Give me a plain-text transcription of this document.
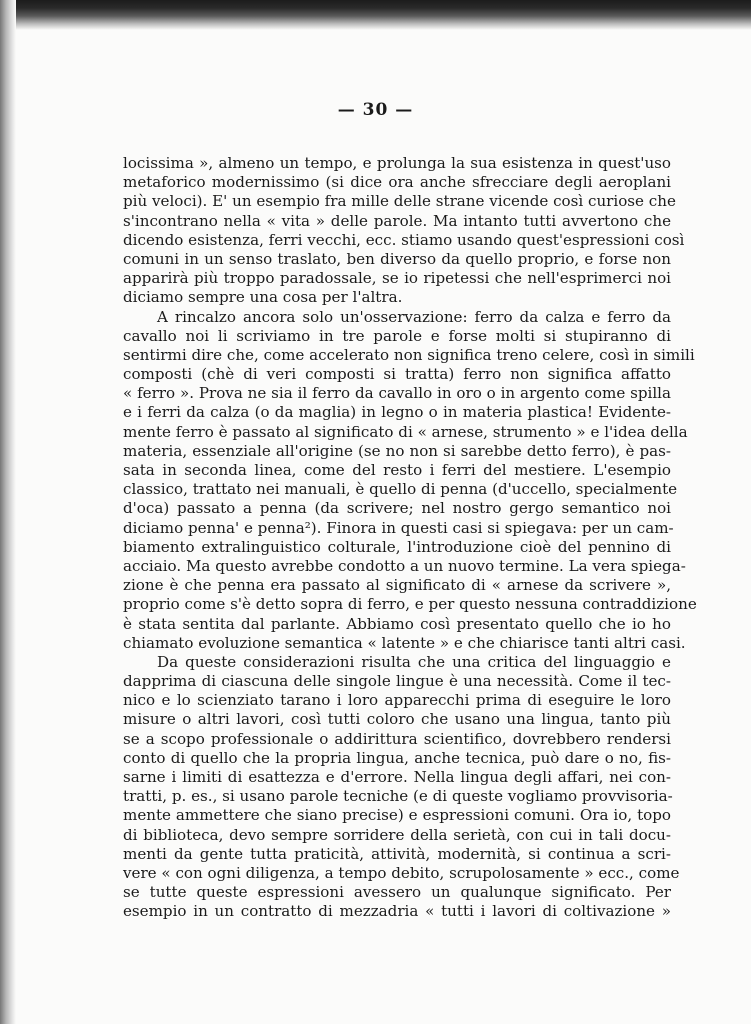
— 30 —
locissima », almeno un tempo, e prolunga la sua esistenza in quest'uso
metaforico modernissimo (si dice ora anche sfrecciare degli aeroplani
più veloci). E' un esempio fra mille delle strane vicende così curiose che
s'incontrano nella « vita » delle parole. Ma intanto tutti avvertono che
dicendo esistenza, ferri vecchi, ecc. stiamo usando quest'espressioni così
comuni in un senso traslato, ben diverso da quello proprio, e forse non
apparirà più troppo paradossale, se io ripetessi che nell'esprimerci noi
diciamo sempre una cosa per l'altra.
A rincalzo ancora solo un'osservazione: ferro da calza e ferro da
cavallo noi li scriviamo in tre parole e forse molti si stupiranno di
sentirmi dire che, come accelerato non significa treno celere, così in simili
composti (chè di veri composti si tratta) ferro non significa affatto
« ferro ». Prova ne sia il ferro da cavallo in oro o in argento come spilla
e i ferri da calza (o da maglia) in legno o in materia plastica! Evidente-
mente ferro è passato al significato di « arnese, strumento » e l'idea della
materia, essenziale all'origine (se no non si sarebbe detto ferro), è pas-
sata in seconda linea, come del resto i ferri del mestiere. L'esempio
classico, trattato nei manuali, è quello di penna (d'uccello, specialmente
d'oca) passato a penna (da scrivere; nel nostro gergo semantico noi
diciamo penna' e penna²). Finora in questi casi si spiegava: per un cam-
biamento extralinguistico colturale, l'introduzione cioè del pennino di
acciaio. Ma questo avrebbe condotto a un nuovo termine. La vera spiega-
zione è che penna era passato al significato di « arnese da scrivere »,
proprio come s'è detto sopra di ferro, e per questo nessuna contraddizione
è stata sentita dal parlante. Abbiamo così presentato quello che io ho
chiamato evoluzione semantica « latente » e che chiarisce tanti altri casi.
Da queste considerazioni risulta che una critica del linguaggio e
dapprima di ciascuna delle singole lingue è una necessità. Come il tec-
nico e lo scienziato tarano i loro apparecchi prima di eseguire le loro
misure o altri lavori, così tutti coloro che usano una lingua, tanto più
se a scopo professionale o addirittura scientifico, dovrebbero rendersi
conto di quello che la propria lingua, anche tecnica, può dare o no, fis-
sarne i limiti di esattezza e d'errore. Nella lingua degli affari, nei con-
tratti, p. es., si usano parole tecniche (e di queste vogliamo provvisoria-
mente ammettere che siano precise) e espressioni comuni. Ora io, topo
di biblioteca, devo sempre sorridere della serietà, con cui in tali docu-
menti da gente tutta praticità, attività, modernità, si continua a scri-
vere « con ogni diligenza, a tempo debito, scrupolosamente » ecc., come
se tutte queste espressioni avessero un qualunque significato. Per
esempio in un contratto di mezzadria « tutti i lavori di coltivazione »
